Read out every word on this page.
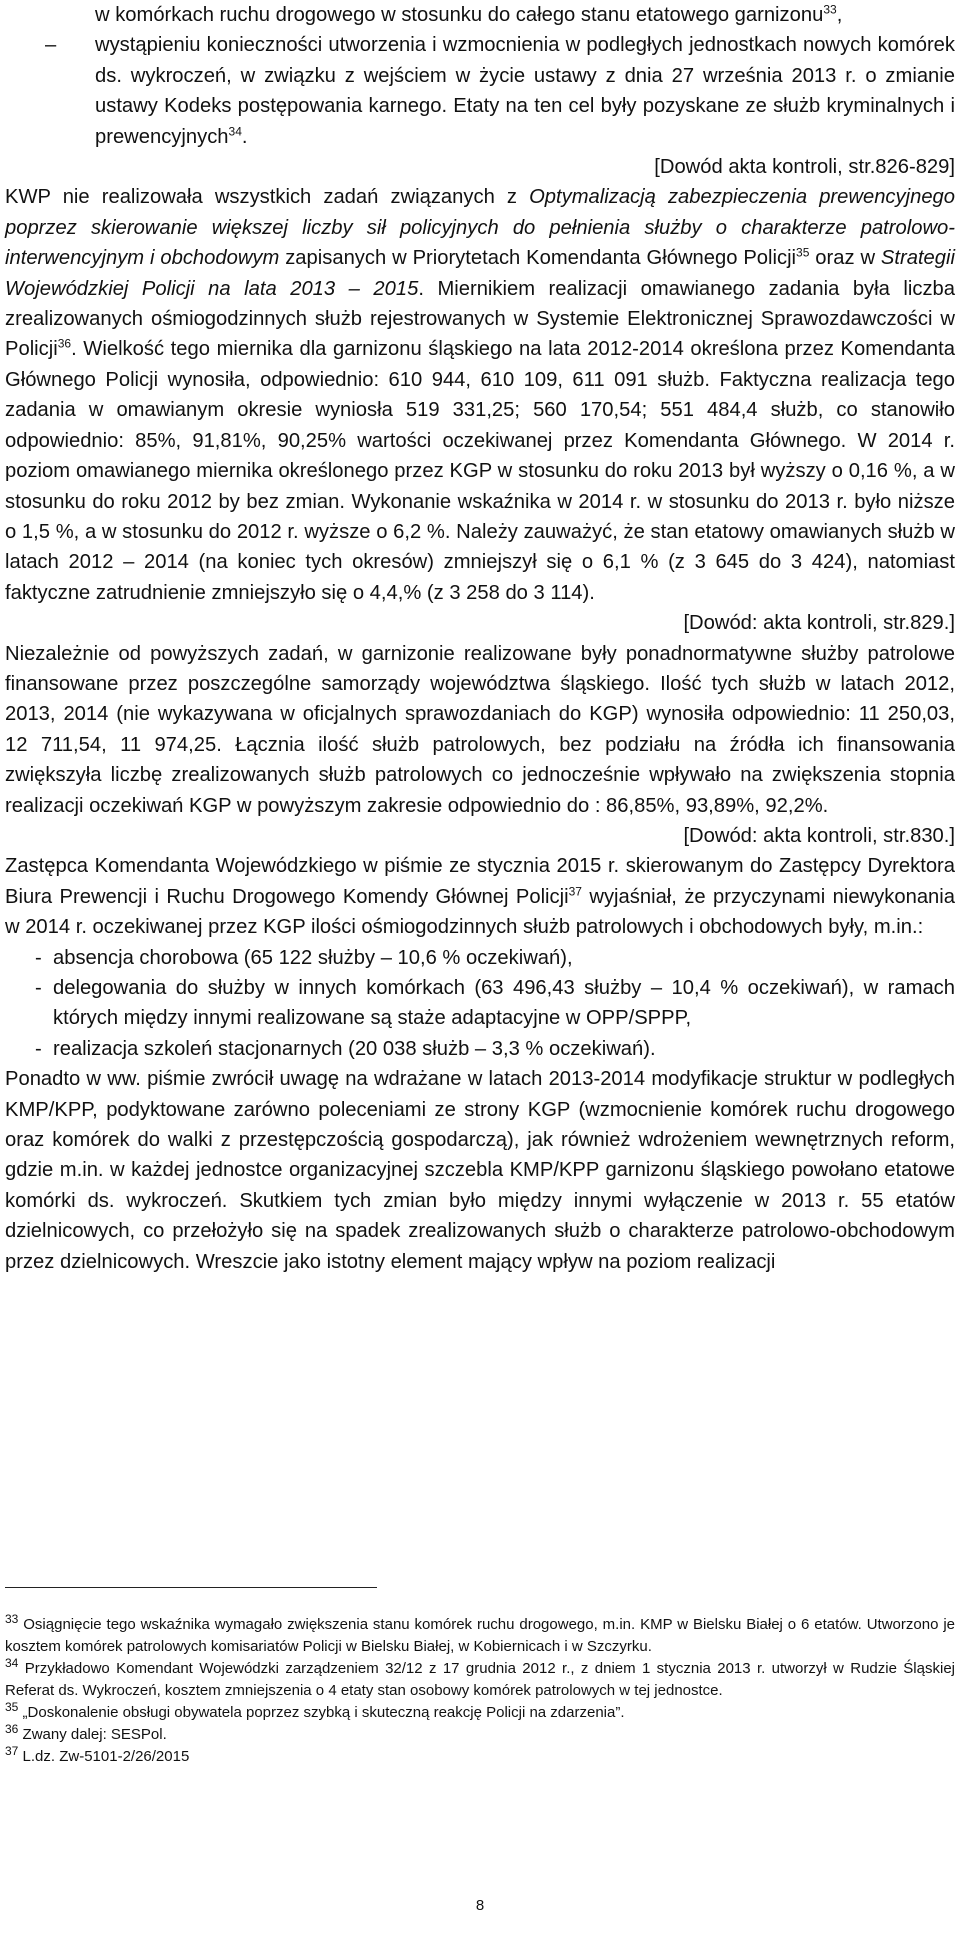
w komórkach ruchu drogowego w stosunku do całego stanu etatowego garnizonu$^{33}$,
– wystąpieniu konieczności utworzenia i wzmocnienia w podległych jednostkach nowych komórek ds. wykroczeń, w związku z wejściem w życie ustawy z dnia 27 września 2013 r. o zmianie ustawy Kodeks postępowania karnego. Etaty na ten cel były pozyskane ze służb kryminalnych i prewencyjnych$^{34}$.

[Dowód akta kontroli, str.826-829]

KWP nie realizowała wszystkich zadań związanych z Optymalizacją zabezpieczenia prewencyjnego poprzez skierowanie większej liczby sił policyjnych do pełnienia służby o charakterze patrolowo-interwencyjnym i obchodowym zapisanych w Priorytetach Komendanta Głównego Policji$^{35}$ oraz w Strategii Wojewódzkiej Policji na lata 2013 – 2015. Miernikiem realizacji omawianego zadania była liczba zrealizowanych ośmiogodzinnych służb rejestrowanych w Systemie Elektronicznej Sprawozdawczości w Policji$^{36}$. Wielkość tego miernika dla garnizonu śląskiego na lata 2012-2014 określona przez Komendanta Głównego Policji wynosiła, odpowiednio: 610 944, 610 109, 611 091 służb. Faktyczna realizacja tego zadania w omawianym okresie wyniosła 519 331,25; 560 170,54; 551 484,4 służb, co stanowiło odpowiednio: 85%, 91,81%, 90,25% wartości oczekiwanej przez Komendanta Głównego. W 2014 r. poziom omawianego miernika określonego przez KGP w stosunku do roku 2013 był wyższy o 0,16 %, a w stosunku do roku 2012 by bez zmian. Wykonanie wskaźnika w 2014 r. w stosunku do 2013 r. było niższe o 1,5 %, a w stosunku do 2012 r. wyższe o 6,2 %. Należy zauważyć, że stan etatowy omawianych służb w latach 2012 – 2014 (na koniec tych okresów) zmniejszył się o 6,1 % (z 3 645 do 3 424), natomiast faktyczne zatrudnienie zmniejszyło się o 4,4,% (z 3 258 do 3 114).

[Dowód: akta kontroli, str.829.]

Niezależnie od powyższych zadań, w garnizonie realizowane były ponadnormatywne służby patrolowe finansowane przez poszczególne samorządy województwa śląskiego. Ilość tych służb w latach 2012, 2013, 2014 (nie wykazywana w oficjalnych sprawozdaniach do KGP) wynosiła odpowiednio: 11 250,03, 12 711,54, 11 974,25. Łącznia ilość służb patrolowych, bez podziału na źródła ich finansowania zwiększyła liczbę zrealizowanych służb patrolowych co jednocześnie wpływało na zwiększenia stopnia realizacji oczekiwań KGP w powyższym zakresie odpowiednio do : 86,85%, 93,89%, 92,2%.

[Dowód: akta kontroli, str.830.]

Zastępca Komendanta Wojewódzkiego w piśmie ze stycznia 2015 r. skierowanym do Zastępcy Dyrektora Biura Prewencji i Ruchu Drogowego Komendy Głównej Policji$^{37}$ wyjaśniał, że przyczynami niewykonania w 2014 r. oczekiwanej przez KGP ilości ośmiogodzinnych służb patrolowych i obchodowych były, m.in.:

- absencja chorobowa (65 122 służby – 10,6 % oczekiwań),
- delegowania do służby w innych komórkach (63 496,43 służby – 10,4 % oczekiwań), w ramach których między innymi realizowane są staże adaptacyjne w OPP/SPPP,
- realizacja szkoleń stacjonarnych (20 038 służb – 3,3 % oczekiwań).

Ponadto w ww. piśmie zwrócił uwagę na wdrażane w latach 2013-2014 modyfikacje struktur w podległych KMP/KPP, podyktowane zarówno poleceniami ze strony KGP (wzmocnienie komórek ruchu drogowego oraz komórek do walki z przestępczością gospodarczą), jak również wdrożeniem wewnętrznych reform, gdzie m.in. w każdej jednostce organizacyjnej szczebla KMP/KPP garnizonu śląskiego powołano etatowe komórki ds. wykroczeń. Skutkiem tych zmian było między innymi wyłączenie w 2013 r. 55 etatów dzielnicowych, co przełożyło się na spadek zrealizowanych służb o charakterze patrolowo-obchodowym przez dzielnicowych. Wreszcie jako istotny element mający wpływ na poziom realizacji

$^{33}$ Osiągnięcie tego wskaźnika wymagało zwiększenia stanu komórek ruchu drogowego, m.in. KMP w Bielsku Białej o 6 etatów. Utworzono je kosztem komórek patrolowych komisariatów Policji w Bielsku Białej, w Kobiernicach i w Szczyrku.

$^{34}$ Przykładowo Komendant Wojewódzki zarządzeniem 32/12 z 17 grudnia 2012 r., z dniem 1 stycznia 2013 r. utworzył w Rudzie Śląskiej Referat ds. Wykroczeń, kosztem zmniejszenia o 4 etaty stan osobowy komórek patrolowych w tej jednostce.

$^{35}$ „Doskonalenie obsługi obywatela poprzez szybką i skuteczną reakcję Policji na zdarzenia”.

$^{36}$ Zwany dalej: SESPol.

$^{37}$ L.dz. Zw-5101-2/26/2015

8
